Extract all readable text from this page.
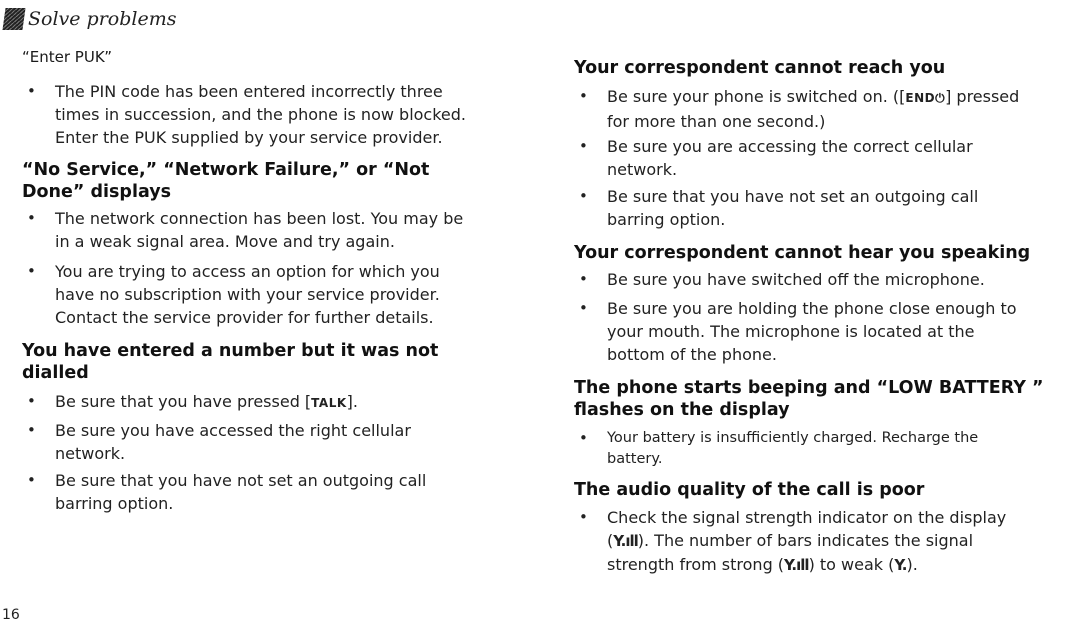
Solve problems
“Enter PUK”
• The PIN code has been entered incorrectly three
times in succession, and the phone is now blocked.
Enter the PUK supplied by your service provider.
“No Service,” “Network Failure,” or “Not
Done” displays
• The network connection has been lost. You may be
in a weak signal area. Move and try again.
• You are trying to access an option for which you
have no subscription with your service provider.
Contact the service provider for further details.
You have entered a number but it was not
dialled
• Be sure that you have pressed [TALK].
• Be sure you have accessed the right cellular
network.
• Be sure that you have not set an outgoing call
barring option.
Your correspondent cannot reach you
• Be sure your phone is switched on. ([END⏻] pressed
for more than one second.)
• Be sure you are accessing the correct cellular
network.
• Be sure that you have not set an outgoing call
barring option.
Your correspondent cannot hear you speaking
• Be sure you have switched off the microphone.
• Be sure you are holding the phone close enough to
your mouth. The microphone is located at the
bottom of the phone.
The phone starts beeping and “LOW BATTERY ”
flashes on the display
• Your battery is insufficiently charged. Recharge the
battery.
The audio quality of the call is poor
• Check the signal strength indicator on the display
(Y.ıll). The number of bars indicates the signal
strength from strong (Y.ıll) to weak (Y.).
16
